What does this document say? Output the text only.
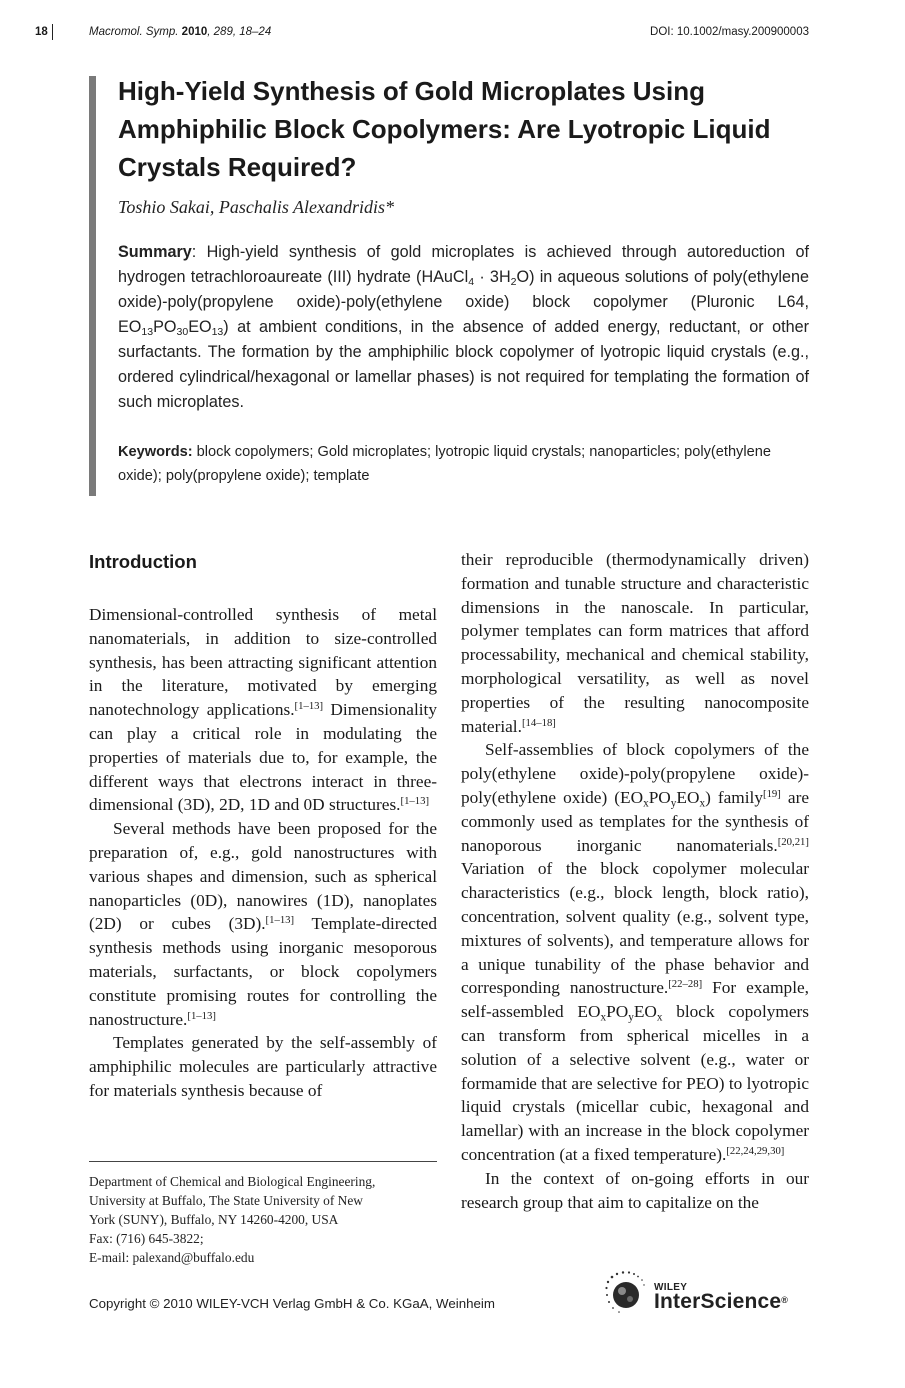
18	Macromol. Symp. 2010, 289, 18–24	DOI: 10.1002/masy.200900003
High-Yield Synthesis of Gold Microplates Using Amphiphilic Block Copolymers: Are Lyotropic Liquid Crystals Required?
Toshio Sakai, Paschalis Alexandridis*

Summary: High-yield synthesis of gold microplates is achieved through autoreduction of hydrogen tetrachloroaureate (III) hydrate (HAuCl$_4$ · $3H_2O$) in aqueous solutions of poly(ethylene oxide)-poly(propylene oxide)-poly(ethylene oxide) block copolymer (Pluronic L64, $EO_{13}PO_{30}EO_{13}$) at ambient conditions, in the absence of added energy, reductant, or other surfactants. The formation by the amphiphilic block copolymer of lyotropic liquid crystals (e.g., ordered cylindrical/hexagonal or lamellar phases) is not required for templating the formation of such microplates.

Keywords: block copolymers; Gold microplates; lyotropic liquid crystals; nanoparticles; poly(ethylene oxide); poly(propylene oxide); template

Introduction

Dimensional-controlled synthesis of metal nanomaterials, in addition to size-controlled synthesis, has been attracting significant attention in the literature, motivated by emerging nanotechnology applications.[1–13] Dimensionality can play a critical role in modulating the properties of materials due to, for example, the different ways that electrons interact in three-dimensional (3D), 2D, 1D and 0D structures.[1–13]

Several methods have been proposed for the preparation of, e.g., gold nanostructures with various shapes and dimension, such as spherical nanoparticles (0D), nanowires (1D), nanoplates (2D) or cubes (3D).[1–13] Template-directed synthesis methods using inorganic mesoporous materials, surfactants, or block copolymers constitute promising routes for controlling the nanostructure.[1–13]

Templates generated by the self-assembly of amphiphilic molecules are particularly attractive for materials synthesis because of

Department of Chemical and Biological Engineering,
University at Buffalo, The State University of New
York (SUNY), Buffalo, NY 14260-4200, USA
Fax: (716) 645-3822;
E-mail: palexand@buffalo.edu

their reproducible (thermodynamically driven) formation and tunable structure and characteristic dimensions in the nanoscale. In particular, polymer templates can form matrices that afford processability, mechanical and chemical stability, morphological versatility, as well as novel properties of the resulting nanocomposite material.[14–18]

Self-assemblies of block copolymers of the poly(ethylene oxide)-poly(propylene oxide)-poly(ethylene oxide) $(EO_xPO_yEO_x)$ family[19] are commonly used as templates for the synthesis of nanoporous inorganic nanomaterials.[20,21] Variation of the block copolymer molecular characteristics (e.g., block length, block ratio), concentration, solvent quality (e.g., solvent type, mixtures of solvents), and temperature allows for a unique tunability of the phase behavior and corresponding nanostructure.[22–28] For example, self-assembled $EO_xPO_yEO_x$ block copolymers can transform from spherical micelles in a solution of a selective solvent (e.g., water or formamide that are selective for PEO) to lyotropic liquid crystals (micellar cubic, hexagonal and lamellar) with an increase in the block copolymer concentration (at a fixed temperature).[22,24,29,30]

In the context of on-going efforts in our research group that aim to capitalize on the

Copyright © 2010 WILEY-VCH Verlag GmbH & Co. KGaA, Weinheim
WILEY
InterScience®
